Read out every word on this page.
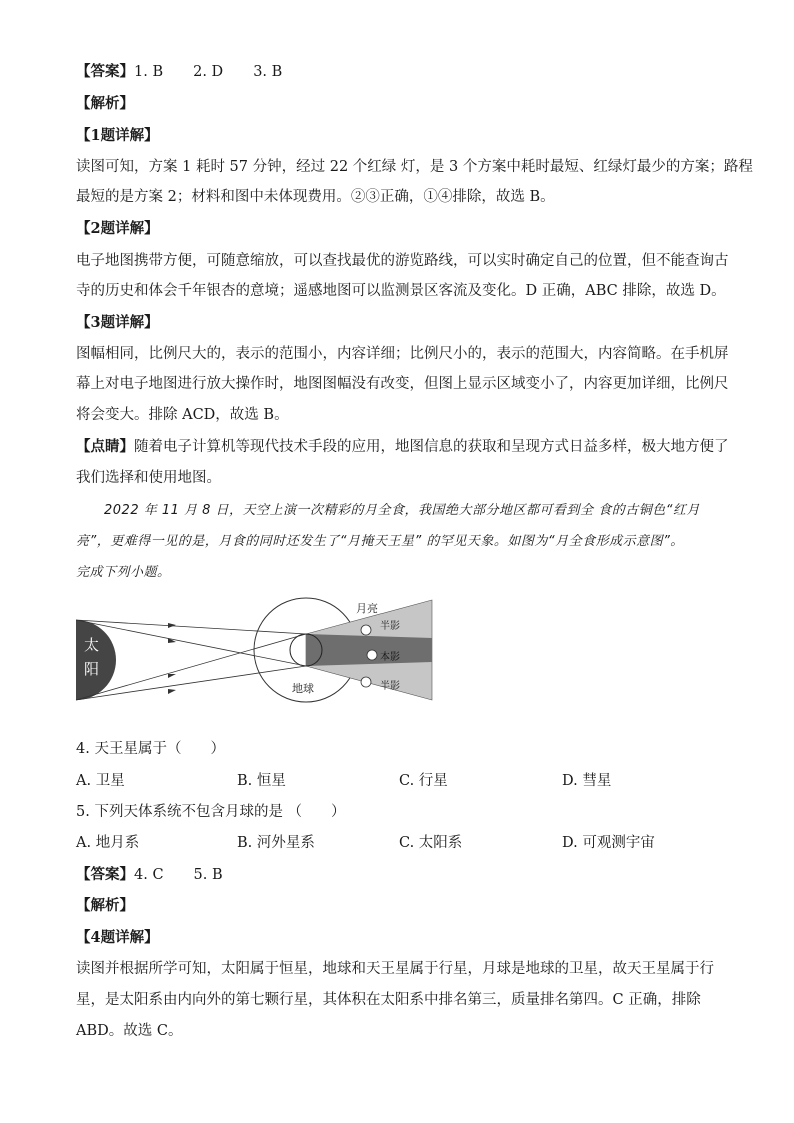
【答案】1. B 2. D 3. B
【解析】
【1题详解】
读图可知，方案 1 耗时 57 分钟，经过 22 个红绿 灯，是 3 个方案中耗时最短、红绿灯最少的方案；路程
最短的是方案 2；材料和图中未体现费用。②③正确，①④排除，故选 B。
【2题详解】
电子地图携带方便，可随意缩放，可以查找最优的游览路线，可以实时确定自己的位置，但不能查询古
寺的历史和体会千年银杏的意境；遥感地图可以监测景区客流及变化。D 正确，ABC 排除，故选 D。
【3题详解】
图幅相同，比例尺大的，表示的范围小，内容详细；比例尺小的，表示的范围大，内容简略。在手机屏
幕上对电子地图进行放大操作时，地图图幅没有改变，但图上显示区域变小了，内容更加详细，比例尺
将会变大。排除 ACD，故选 B。
【点睛】随着电子计算机等现代技术手段的应用，地图信息的获取和呈现方式日益多样，极大地方便了
我们选择和使用地图。
2022 年 11 月 8 日，天空上演一次精彩的月全食，我国绝大部分地区都可看到全 食的古铜色“红月
亮”，更难得一见的是，月食的同时还发生了“月掩天王星” 的罕见天象。如图为“月全食形成示意图”。
完成下列小题。
太
阳
月亮
半影
本影
半影
地球
4. 天王星属于（　　）
A. 卫星	B. 恒星	C. 行星	D. 彗星
5. 下列天体系统不包含月球的是 （　　）
A. 地月系	B. 河外星系	C. 太阳系	D. 可观测宇宙
【答案】4. C 5. B
【解析】
【4题详解】
读图并根据所学可知，太阳属于恒星，地球和天王星属于行星，月球是地球的卫星，故天王星属于行
星，是太阳系由内向外的第七颗行星，其体积在太阳系中排名第三，质量排名第四。C 正确，排除
ABD。故选 C。
